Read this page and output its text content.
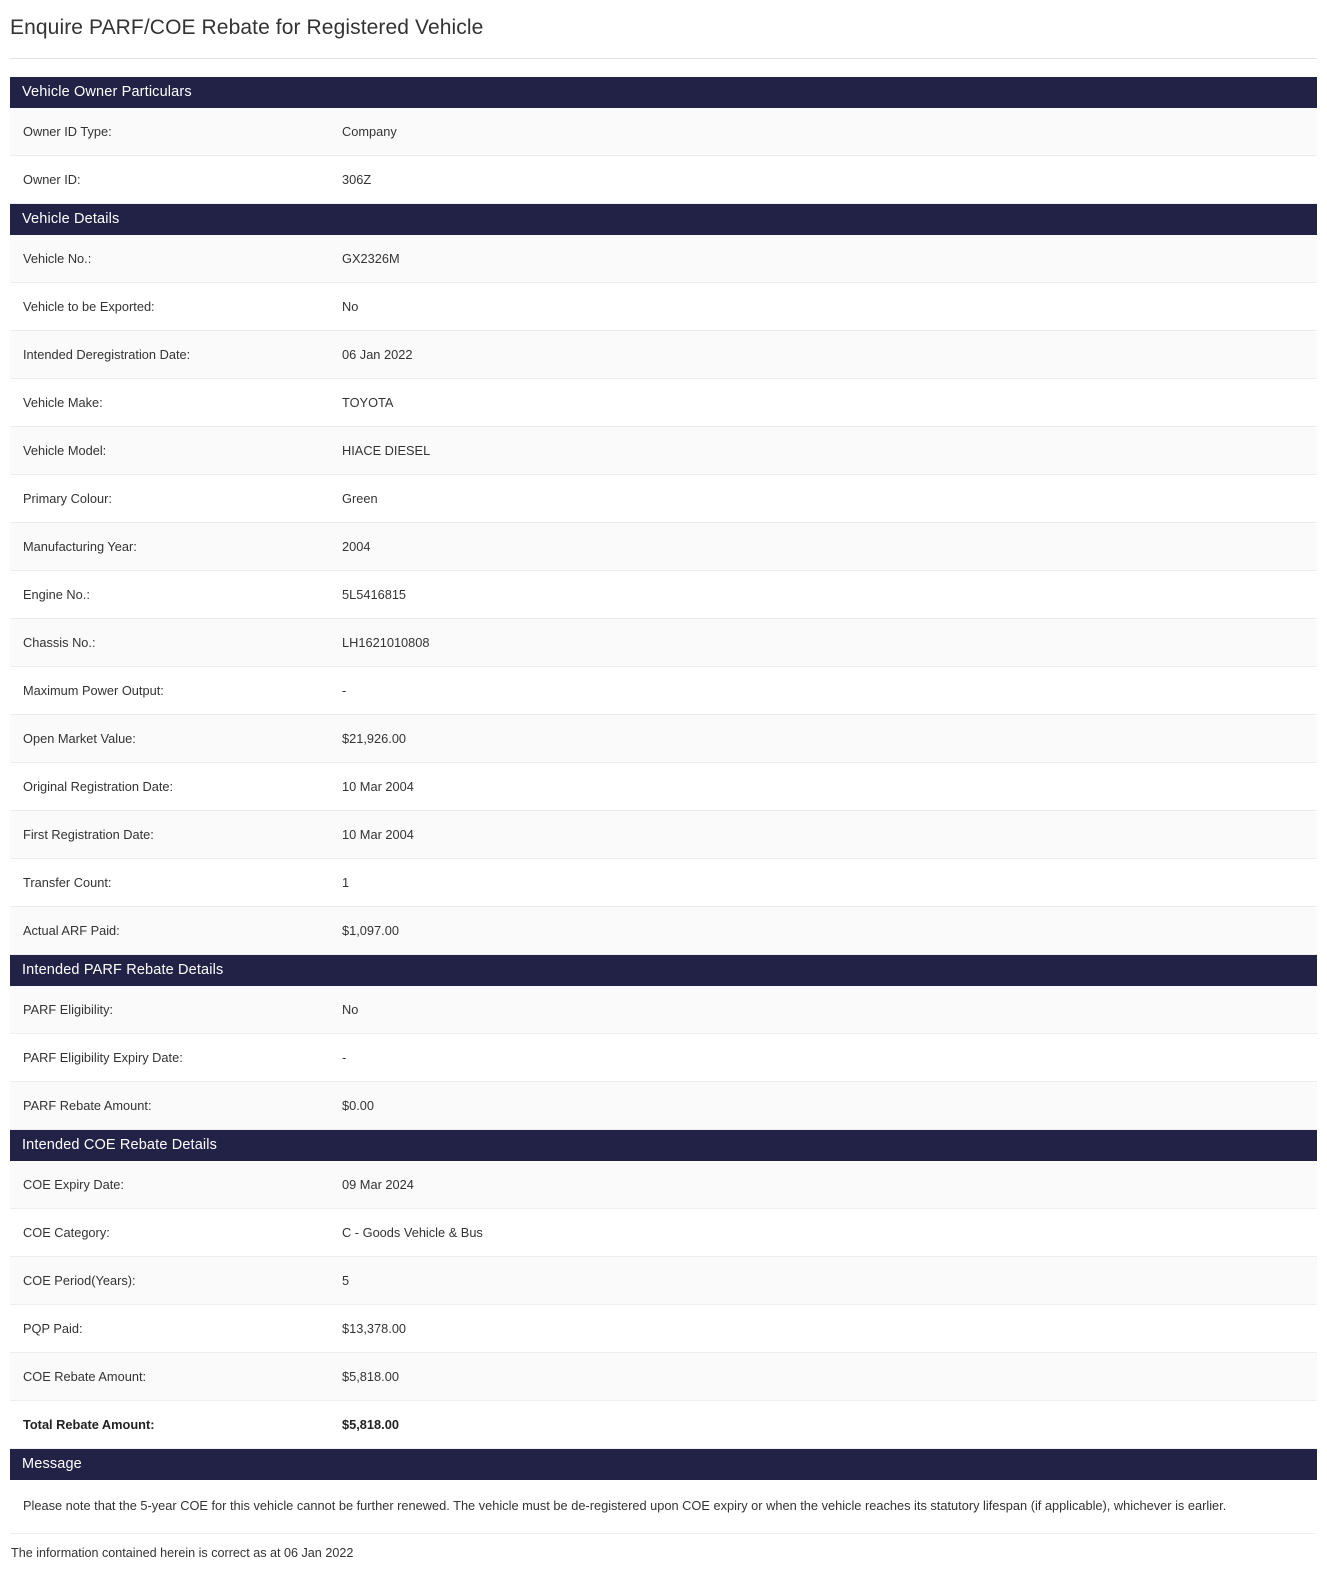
Enquire PARF/COE Rebate for Registered Vehicle
Vehicle Owner Particulars	
Owner ID Type:	Company
Owner ID:	306Z
Vehicle Details	
Vehicle No.:	GX2326M
Vehicle to be Exported:	No
Intended Deregistration Date:	06 Jan 2022
Vehicle Make:	TOYOTA
Vehicle Model:	HIACE DIESEL
Primary Colour:	Green
Manufacturing Year:	2004
Engine No.:	5L5416815
Chassis No.:	LH1621010808
Maximum Power Output:	-
Open Market Value:	$21,926.00
Original Registration Date:	10 Mar 2004
First Registration Date:	10 Mar 2004
Transfer Count:	1
Actual ARF Paid:	$1,097.00
Intended PARF Rebate Details	
PARF Eligibility:	No
PARF Eligibility Expiry Date:	-
PARF Rebate Amount:	$0.00
Intended COE Rebate Details	
COE Expiry Date:	09 Mar 2024
COE Category:	C - Goods Vehicle & Bus
COE Period(Years):	5
PQP Paid:	$13,378.00
COE Rebate Amount:	$5,818.00
Total Rebate Amount:	$5,818.00
Message	
Please note that the 5-year COE for this vehicle cannot be further renewed. The vehicle must be de-registered upon COE expiry or when the vehicle reaches its statutory lifespan (if applicable), whichever is earlier.	
The information contained herein is correct as at 06 Jan 2022
